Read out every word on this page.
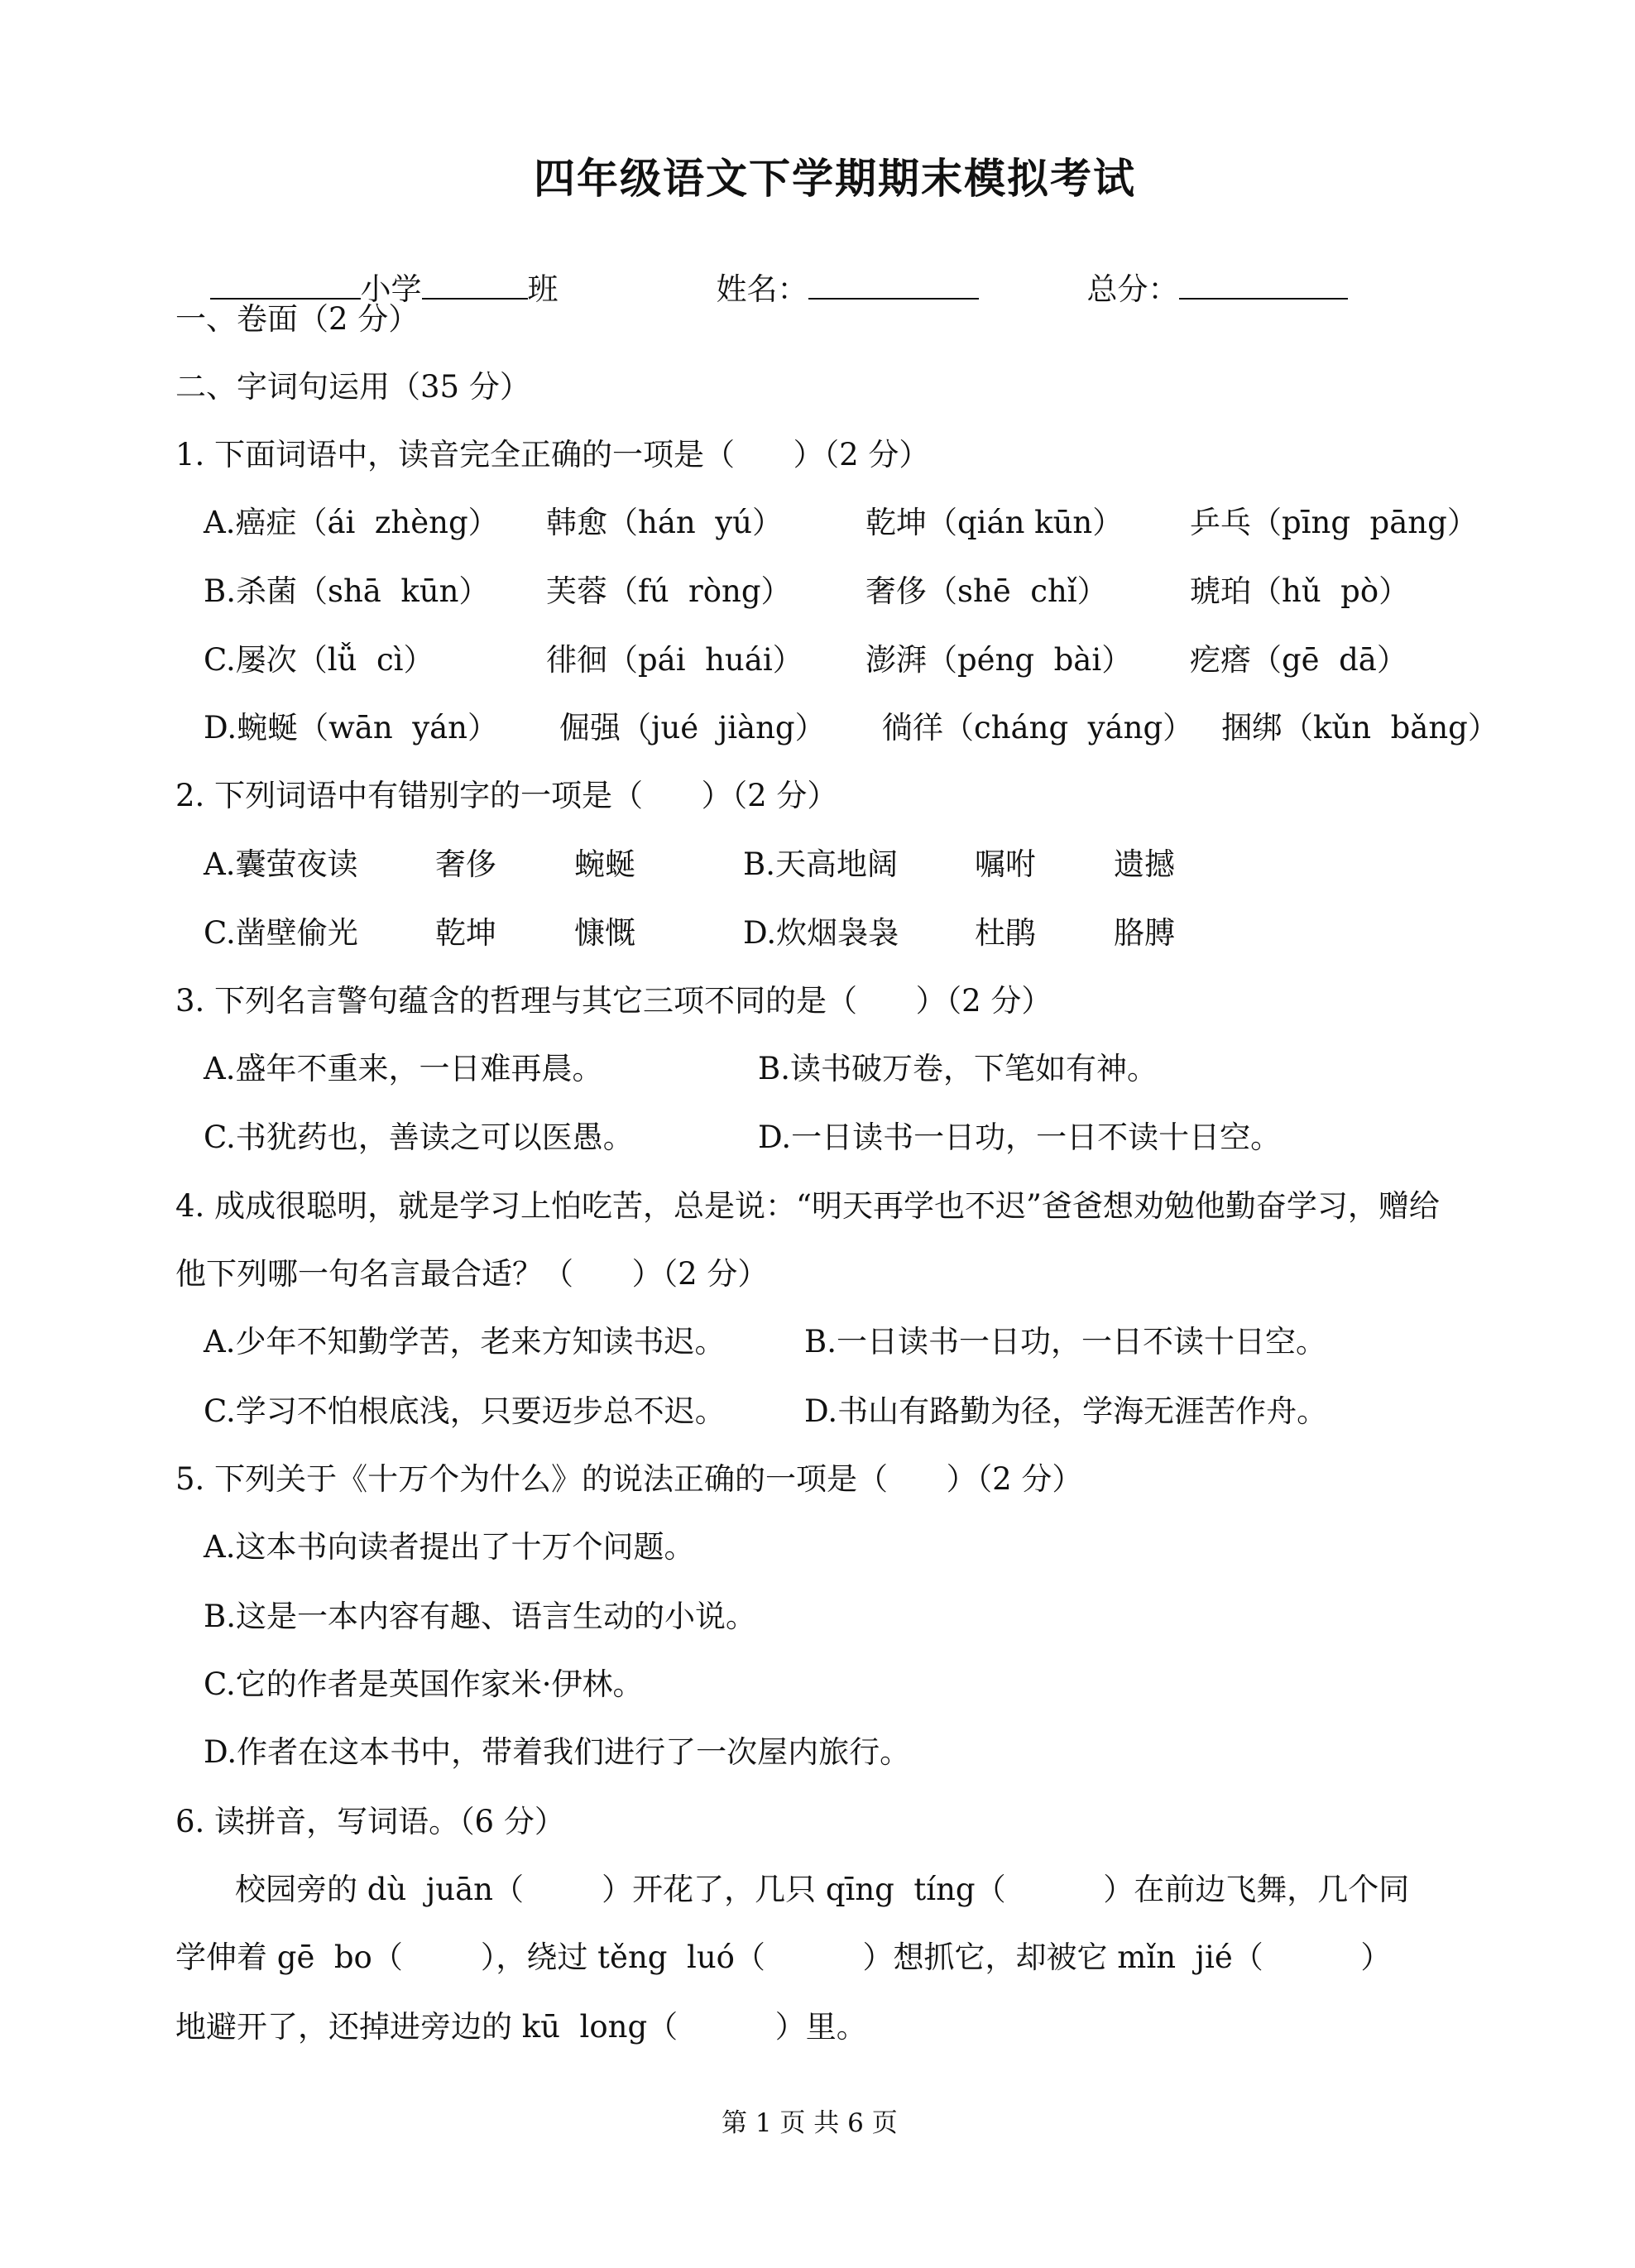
四年级语文下学期期末模拟考试

小学	班	姓名：	总分：

一、卷面（2 分）
二、字词句运用（35 分）
1. 下面词语中，读音完全正确的一项是（      ）（2 分）
A.癌症（ái  zhèng） 韩愈（hán  yú）	乾坤（qián kūn） 乒乓（pīng  pāng）
B.杀菌（shā  kūn） 芙蓉（fú  ròng） 奢侈（shē  chǐ）	琥珀（hǔ  pò）
C.屡次（lǚ  cì）	徘徊（pái  huái） 澎湃（péng  bài） 疙瘩（gē  dā）
D.蜿蜒（wān  yán） 倔强（jué  jiàng） 徜徉（cháng  yáng） 捆绑（kǔn  bǎng）
2. 下列词语中有错别字的一项是（      ）（2 分）
A.囊萤夜读	奢侈	蜿蜒	B.天高地阔	嘱咐	遗撼
C.凿壁偷光	乾坤	慷慨	D.炊烟袅袅 杜鹃	胳膊
3. 下列名言警句蕴含的哲理与其它三项不同的是（      ）（2 分）
A.盛年不重来，一日难再晨。	B.读书破万卷，下笔如有神。
C.书犹药也，善读之可以医愚。	D.一日读书一日功，一日不读十日空。
4. 成成很聪明，就是学习上怕吃苦，总是说：“明天再学也不迟”爸爸想劝勉他勤奋学习，赠给
他下列哪一句名言最合适？（      ）（2 分）
A.少年不知勤学苦，老来方知读书迟。	B.一日读书一日功，一日不读十日空。
C.学习不怕根底浅，只要迈步总不迟。	D.书山有路勤为径，学海无涯苦作舟。
5. 下列关于《十万个为什么》的说法正确的一项是（      ）（2 分）
A.这本书向读者提出了十万个问题。
B.这是一本内容有趣、语言生动的小说。
C.它的作者是英国作家米·伊林。
D.作者在这本书中，带着我们进行了一次屋内旅行。
6. 读拼音，写词语。（6 分）
校园旁的 dù  juān（        ）开花了，几只 qīng  tíng（          ）在前边飞舞，几个同
学伸着 gē  bo（        ），绕过 těng  luó（          ）想抓它，却被它 mǐn  jié（          ）
地避开了，还掉进旁边的 kū  long（          ）里。
第 1 页 共 6 页
